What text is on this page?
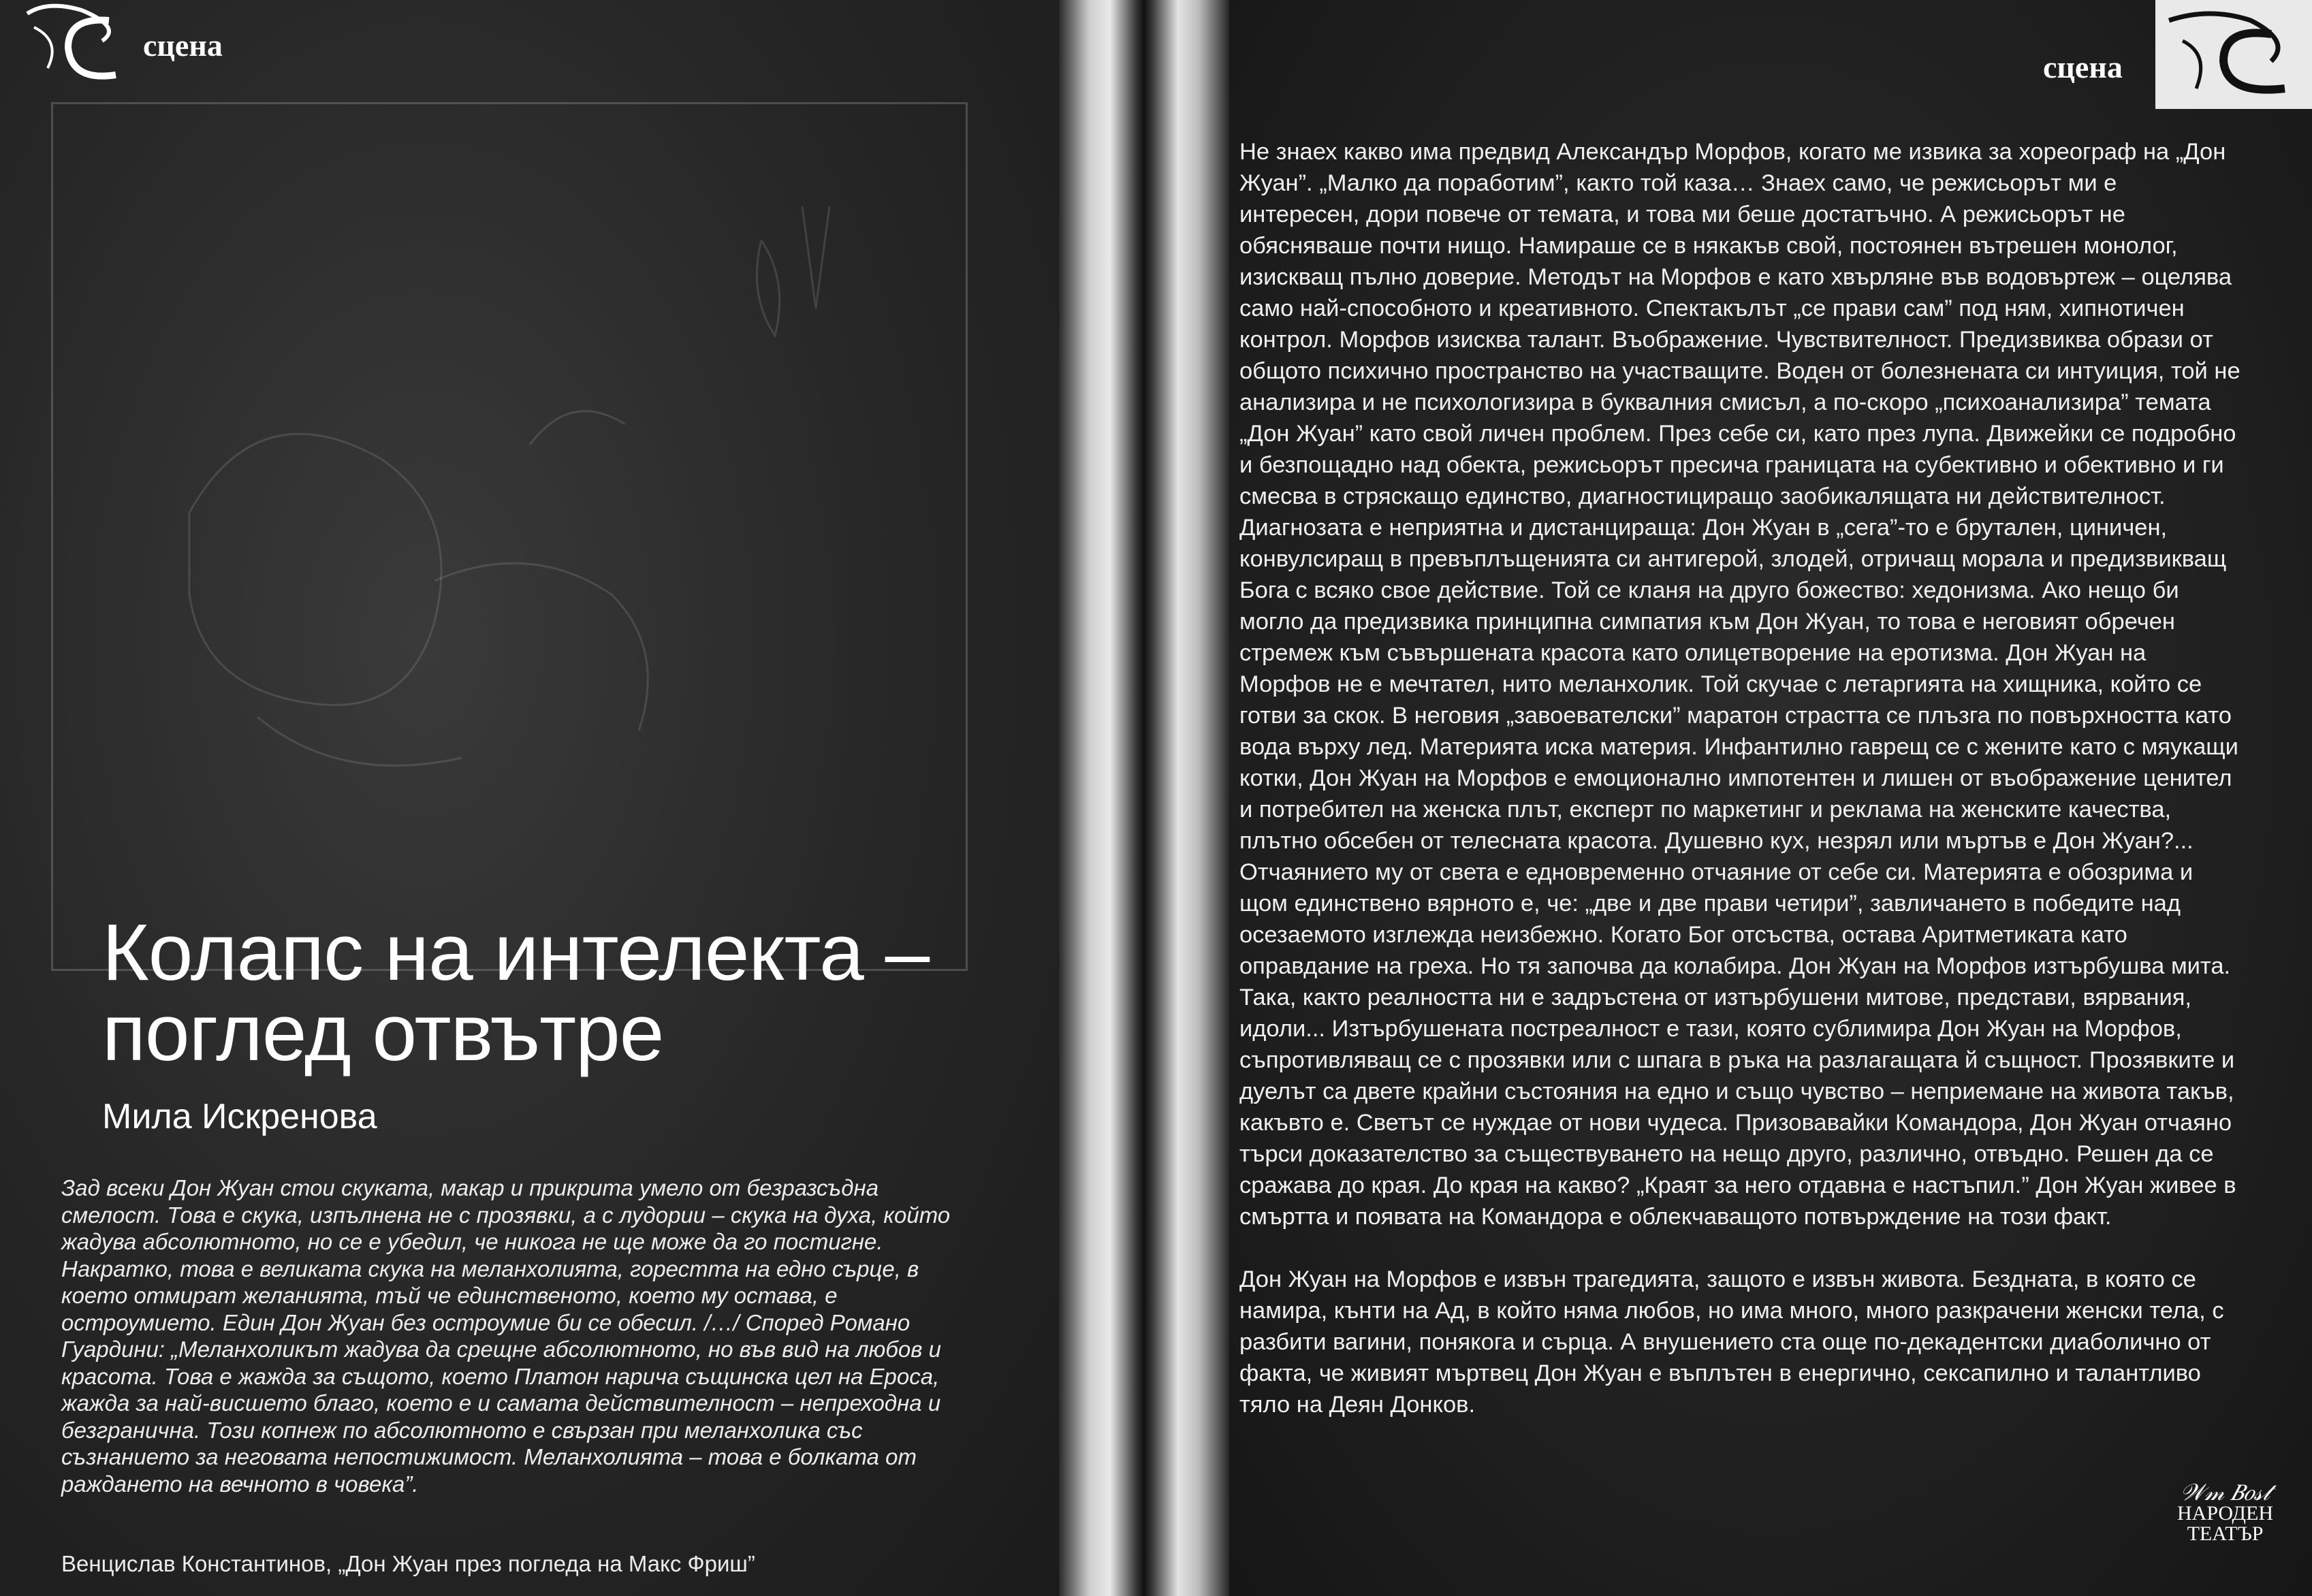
сцена
Колапс на интелекта –
поглед отвътре
Мила Искренова

Зад всеки Дон Жуан стои скуката, макар и прикрита умело от безразсъдна смелост. Това е скука, изпълнена не с прозявки, а с лудории – скука на духа, който жадува абсолютното, но се е убедил, че никога не ще може да го постигне. Накратко, това е великата скука на меланхолията, горестта на едно сърце, в което отмират желанията, тъй че единственото, което му остава, е остроумието. Един Дон Жуан без остроумие би се обесил. /…/ Според Романо Гуардини: „Меланхоликът жадува да срещне абсолютното, но във вид на любов и красота. Това е жажда за същото, което Платон нарича същинска цел на Ероса, жажда за най-висшето благо, което е и самата действителност – непреходна и безгранична. Този копнеж по абсолютното е свързан при меланхолика със съзнанието за неговата непостижимост. Меланхолията – това е болката от раждането на вечното в човека”.

Венцислав Константинов, „Дон Жуан през погледа на Макс Фриш”
сцена

Не знаех какво има предвид Александър Морфов, когато ме извика за хореограф на „Дон Жуан”. „Малко да поработим”, както той каза… Знаех само, че режисьорът ми е интересен, дори повече от темата, и това ми беше достатъчно. А режисьорът не обясняваше почти нищо. Намираше се в някакъв свой, постоянен вътрешен монолог, изискващ пълно доверие. Методът на Морфов е като хвърляне във водовъртеж – оцелява само най-способното и креативното. Спектакълът „се прави сам” под ням, хипнотичен контрол. Морфов изисква талант. Въображение. Чувствителност. Предизвиква образи от общото психично пространство на участващите. Воден от болезнената си интуиция, той не анализира и не психологизира в буквалния смисъл, а по-скоро „психоанализира” темата „Дон Жуан” като свой личен проблем. През себе си, като през лупа. Движейки се подробно и безпощадно над обекта, режисьорът пресича границата на субективно и обективно и ги смесва в стряскащо единство, диагностициращо заобикалящата ни действителност. Диагнозата е неприятна и дистанцираща: Дон Жуан в „сега”-то е брутален, циничен, конвулсиращ в превъплъщенията си антигерой, злодей, отричащ морала и предизвикващ Бога с всяко свое действие. Той се кланя на друго божество: хедонизма. Ако нещо би могло да предизвика принципна симпатия към Дон Жуан, то това е неговият обречен стремеж към съвършената красота като олицетворение на еротизма. Дон Жуан на Морфов не е мечтател, нито меланхолик. Той скучае с летаргията на хищника, който се готви за скок. В неговия „завоевателски” маратон страстта се плъзга по повърхността като вода върху лед. Материята иска материя. Инфантилно гаврещ се с жените като с мяукащи котки, Дон Жуан на Морфов е емоционално импотентен и лишен от въображение ценител и потребител на женска плът, експерт по маркетинг и реклама на женските качества, плътно обсебен от телесната красота. Душевно кух, незрял или мъртъв е Дон Жуан?... Отчаянието му от света е едновременно отчаяние от себе си. Материята е обозрима и щом единствено вярното е, че: „две и две прави четири”, завличането в победите над осезаемото изглежда неизбежно. Когато Бог отсъства, остава Аритметиката като оправдание на греха. Но тя започва да колабира. Дон Жуан на Морфов изтърбушва мита. Така, както реалността ни е задръстена от изтърбушени митове, представи, вярвания, идоли... Изтърбушената постреалност е тази, която сублимира Дон Жуан на Морфов, съпротивляващ се с прозявки или с шпага в ръка на разлагащата й същност. Прозявките и дуелът са двете крайни състояния на едно и също чувство – неприемане на живота такъв, какъвто е. Светът се нуждае от нови чудеса. Призовавайки Командора, Дон Жуан отчаяно търси доказателство за съществуването на нещо друго, различно, отвъдно. Решен да се сражава до края. До края на какво? „Краят за него отдавна е настъпил.” Дон Жуан живее в смъртта и появата на Командора е облекчаващото потвърждение на този факт.

Дон Жуан на Морфов е извън трагедията, защото е извън живота. Бездната, в която се намира, кънти на Ад, в който няма любов, но има много, много разкрачени женски тела, с разбити вагини, понякога и сърца. А внушението ста още по-декадентски диаболично от факта, че живият мъртвец Дон Жуан е въплътен в енергично, сексапилно и талантливо тяло на Деян Донков.

𝒲𝓂 𝐵𝑜𝓈𝓉
НАРОДЕН
ТЕАТЪР
